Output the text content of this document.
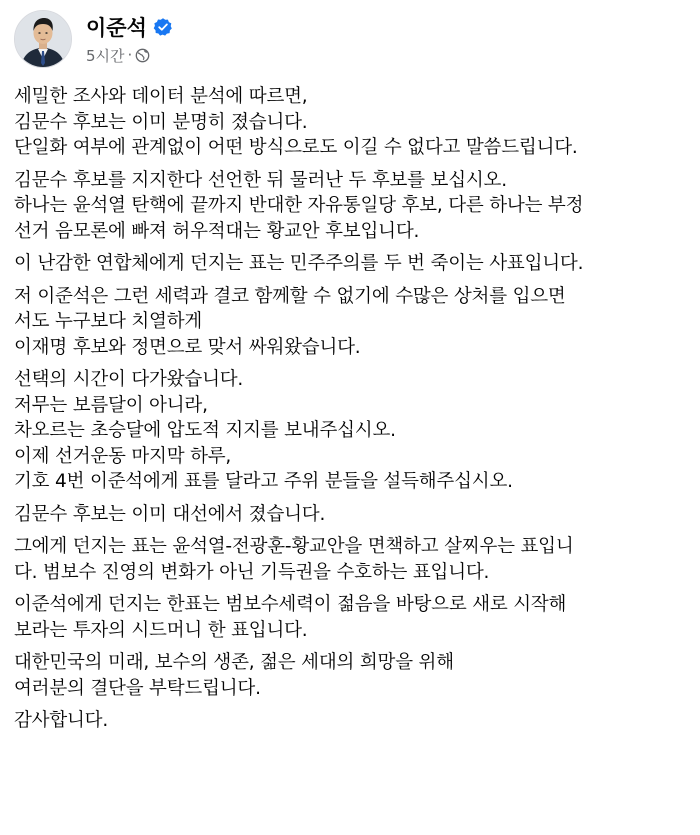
이준석
5시간 ·
세밀한 조사와 데이터 분석에 따르면,
김문수 후보는 이미 분명히 졌습니다.
단일화 여부에 관계없이 어떤 방식으로도 이길 수 없다고 말씀드립니다.
김문수 후보를 지지한다 선언한 뒤 물러난 두 후보를 보십시오.
하나는 윤석열 탄핵에 끝까지 반대한 자유통일당 후보, 다른 하나는 부정
선거 음모론에 빠져 허우적대는 황교안 후보입니다.
이 난감한 연합체에게 던지는 표는 민주주의를 두 번 죽이는 사표입니다.
저 이준석은 그런 세력과 결코 함께할 수 없기에 수많은 상처를 입으면
서도 누구보다 치열하게
이재명 후보와 정면으로 맞서 싸워왔습니다.
선택의 시간이 다가왔습니다.
저무는 보름달이 아니라,
차오르는 초승달에 압도적 지지를 보내주십시오.
이제 선거운동 마지막 하루,
기호 4번 이준석에게 표를 달라고 주위 분들을 설득해주십시오.
김문수 후보는 이미 대선에서 졌습니다.
그에게 던지는 표는 윤석열-전광훈-황교안을 면책하고 살찌우는 표입니
다. 범보수 진영의 변화가 아닌 기득권을 수호하는 표입니다.
이준석에게 던지는 한표는 범보수세력이 젊음을 바탕으로 새로 시작해
보라는 투자의 시드머니 한 표입니다.
대한민국의 미래, 보수의 생존, 젊은 세대의 희망을 위해
여러분의 결단을 부탁드립니다.
감사합니다.
